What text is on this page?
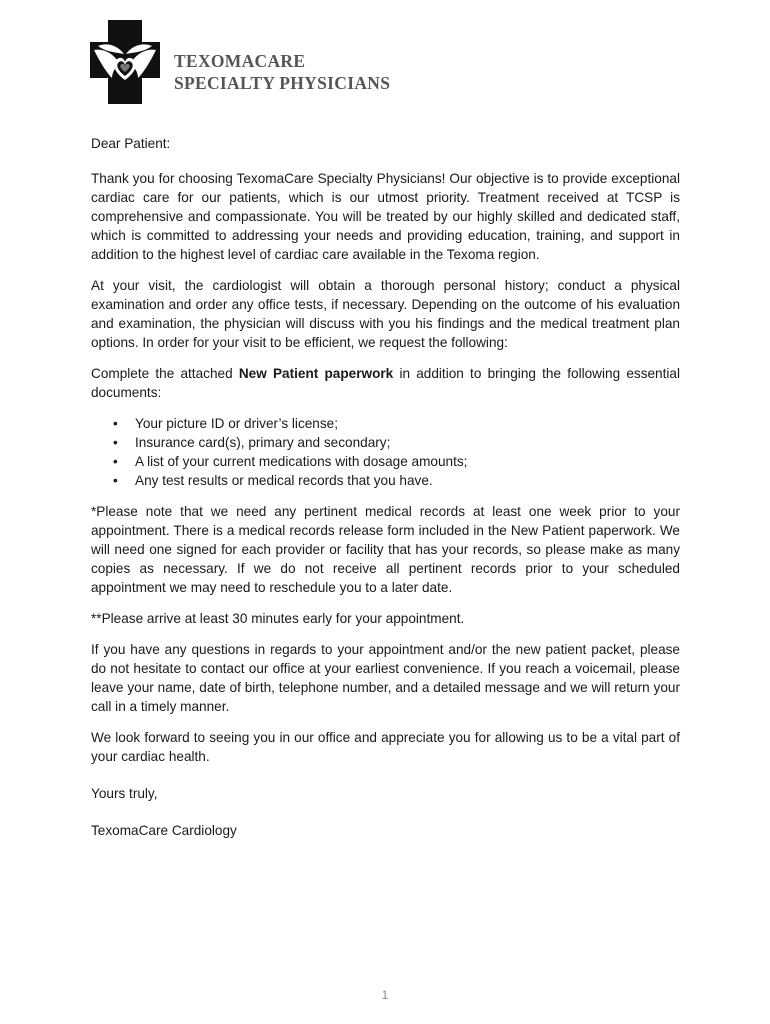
TEXOMACARE
SPECIALTY PHYSICIANS

Dear Patient:

Thank you for choosing TexomaCare Specialty Physicians! Our objective is to provide exceptional cardiac care for our patients, which is our utmost priority. Treatment received at TCSP is comprehensive and compassionate. You will be treated by our highly skilled and dedicated staff, which is committed to addressing your needs and providing education, training, and support in addition to the highest level of cardiac care available in the Texoma region.

At your visit, the cardiologist will obtain a thorough personal history; conduct a physical examination and order any office tests, if necessary. Depending on the outcome of his evaluation and examination, the physician will discuss with you his findings and the medical treatment plan options. In order for your visit to be efficient, we request the following:

Complete the attached New Patient paperwork in addition to bringing the following essential documents:

• Your picture ID or driver’s license;
• Insurance card(s), primary and secondary;
• A list of your current medications with dosage amounts;
• Any test results or medical records that you have.

*Please note that we need any pertinent medical records at least one week prior to your appointment. There is a medical records release form included in the New Patient paperwork. We will need one signed for each provider or facility that has your records, so please make as many copies as necessary. If we do not receive all pertinent records prior to your scheduled appointment we may need to reschedule you to a later date.

**Please arrive at least 30 minutes early for your appointment.

If you have any questions in regards to your appointment and/or the new patient packet, please do not hesitate to contact our office at your earliest convenience. If you reach a voicemail, please leave your name, date of birth, telephone number, and a detailed message and we will return your call in a timely manner.

We look forward to seeing you in our office and appreciate you for allowing us to be a vital part of your cardiac health.

Yours truly,

TexomaCare Cardiology

1
